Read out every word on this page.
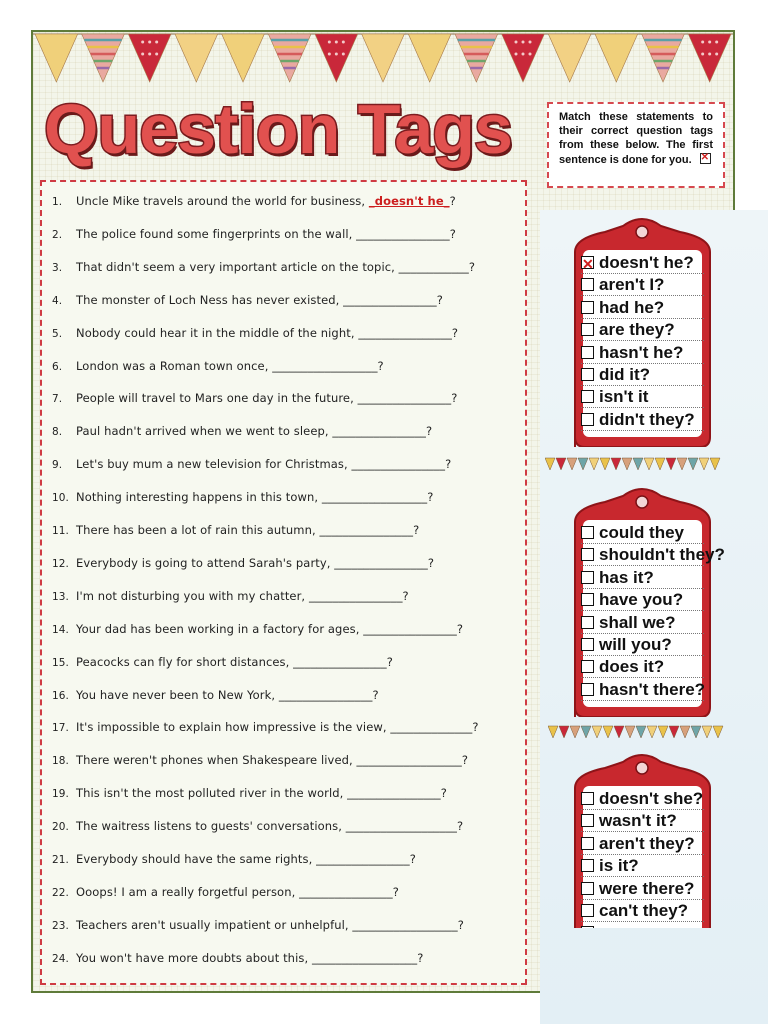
Question Tags	Match these statements to their correct question tags from these below. The first sentence is done for you.✕
1. Uncle Mike travels around the world for business, _doesn't he_?
2. The police found some fingerprints on the wall, ________________?
3. That didn't seem a very important article on the topic, ____________?
4. The monster of Loch Ness has never existed, ________________?
5. Nobody could hear it in the middle of the night, ________________?
6. London was a Roman town once, __________________?
7. People will travel to Mars one day in the future, ________________?
8. Paul hadn't arrived when we went to sleep, ________________?
9. Let's buy mum a new television for Christmas, ________________?
10. Nothing interesting happens in this town, __________________?
11. There has been a lot of rain this autumn, ________________?
12. Everybody is going to attend Sarah's party, ________________?
13. I'm not disturbing you with my chatter, ________________?
14. Your dad has been working in a factory for ages, ________________?
15. Peacocks can fly for short distances, ________________?
16. You have never been to New York, ________________?
17. It's impossible to explain how impressive is the view, ______________?
18. There weren't phones when Shakespeare lived, __________________?
19. This isn't the most polluted river in the world, ________________?
20. The waitress listens to guests' conversations, ___________________?
21. Everybody should have the same rights, ________________?
22. Ooops! I am a really forgetful person, ________________?
23. Teachers aren't usually impatient or unhelpful, __________________?
24. You won't have more doubts about this, __________________?
✕doesn't he?
aren't I?
had he?
are they?
hasn't he?
did it?
isn't it
didn't they?
could they
shouldn't they?
has it?
have you?
shall we?
will you?
does it?
hasn't there?
doesn't she?
wasn't it?
aren't they?
is it?
were there?
can't they?
